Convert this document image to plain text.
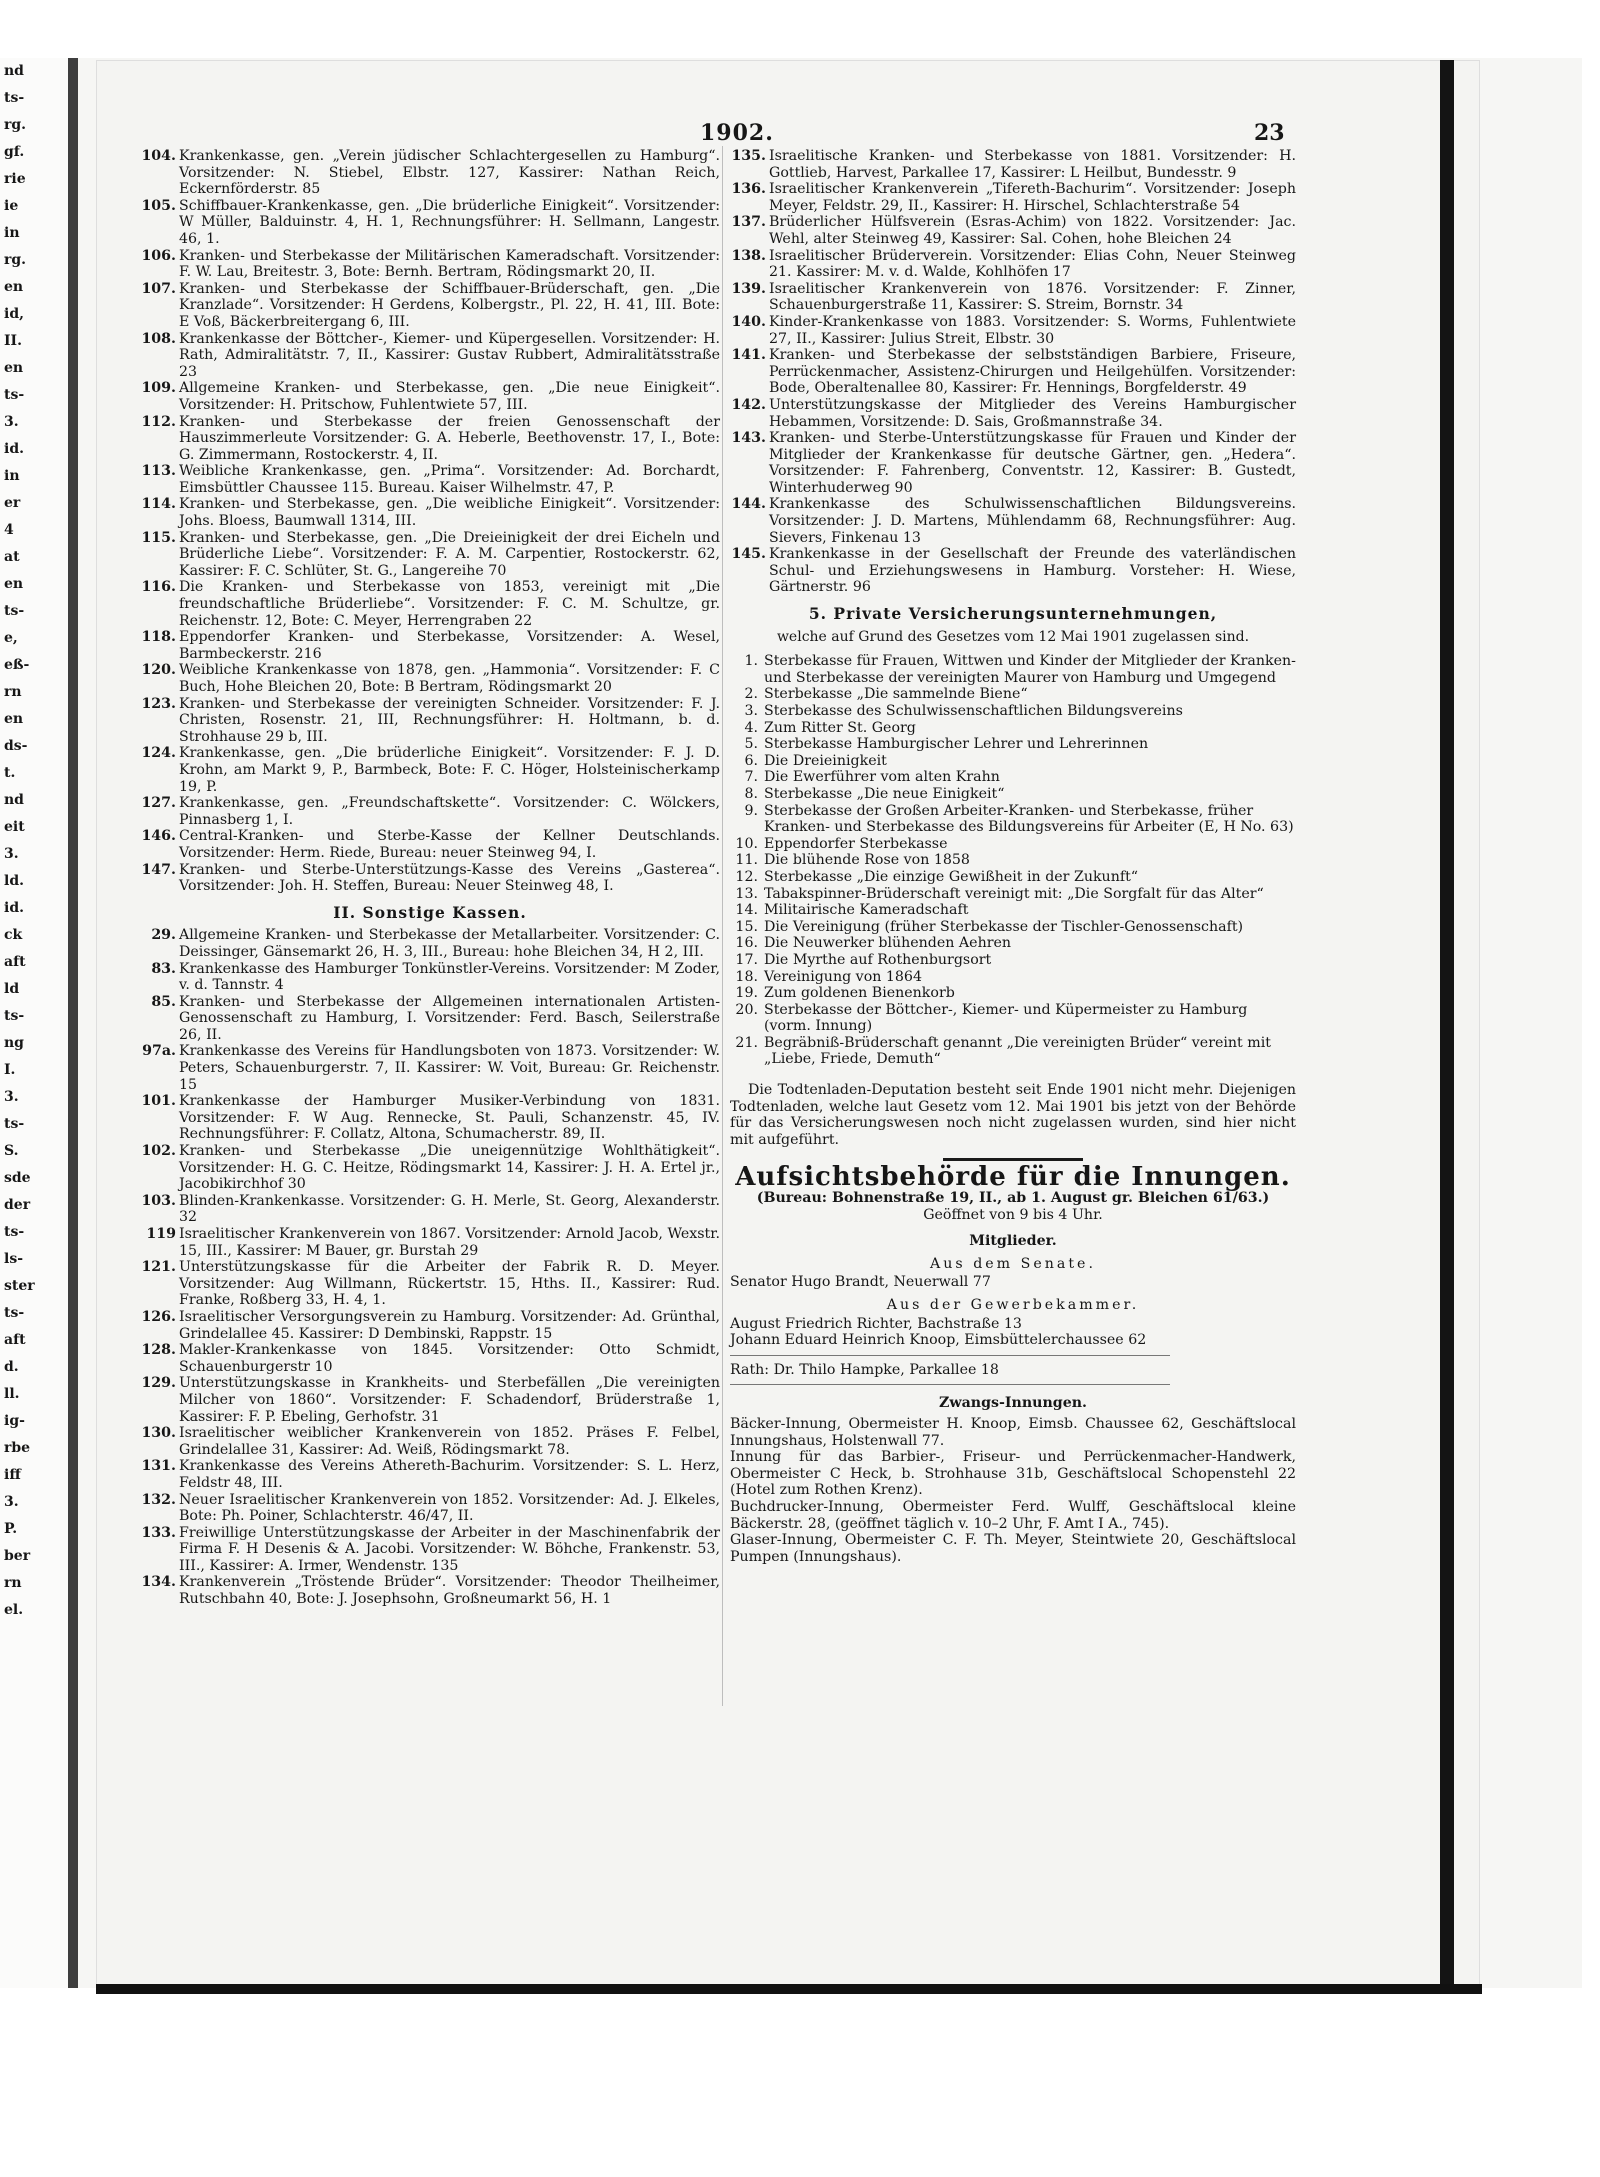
nd
ts-
rg.
gf.
rie
ie
in
rg.
en
id,
II.
en
ts-
3.
id.
in
er
4
at
en
ts-
e,
eß-
rn
en
ds-
t.
nd
eit
3.
ld.
id.
ck
aft
ld
ts-
ng
I.
3.
ts-
S.
sde
der
ts-
ls-
ster
ts-
aft
d.
ll.
ig-
rbe
iff
3.
P.
ber
rn
el.
1902.	23
104. Krankenkasse, gen. „Verein jüdischer Schlachtergesellen zu Hamburg“. Vorsitzender: N. Stiebel, Elbstr. 127, Kassirer: Nathan Reich, Eckernförderstr. 85
105. Schiffbauer-Krankenkasse, gen. „Die brüderliche Einigkeit“. Vorsitzender: W Müller, Balduinstr. 4, H. 1, Rechnungsführer: H. Sellmann, Langestr. 46, 1.
106. Kranken- und Sterbekasse der Militärischen Kameradschaft. Vorsitzender: F. W. Lau, Breitestr. 3, Bote: Bernh. Bertram, Rödingsmarkt 20, II.
107. Kranken- und Sterbekasse der Schiffbauer-Brüderschaft, gen. „Die Kranzlade“. Vorsitzender: H Gerdens, Kolbergstr., Pl. 22, H. 41, III. Bote: E Voß, Bäckerbreitergang 6, III.
108. Krankenkasse der Böttcher-, Kiemer- und Küpergesellen. Vorsitzender: H. Rath, Admiralitätstr. 7, II., Kassirer: Gustav Rubbert, Admiralitätsstraße 23
109. Allgemeine Kranken- und Sterbekasse, gen. „Die neue Einigkeit“. Vorsitzender: H. Pritschow, Fuhlentwiete 57, III.
112. Kranken- und Sterbekasse der freien Genossenschaft der Hauszimmerleute Vorsitzender: G. A. Heberle, Beethovenstr. 17, I., Bote: G. Zimmermann, Rostockerstr. 4, II.
113. Weibliche Krankenkasse, gen. „Prima“. Vorsitzender: Ad. Borchardt, Eimsbüttler Chaussee 115. Bureau. Kaiser Wilhelmstr. 47, P.
114. Kranken- und Sterbekasse, gen. „Die weibliche Einigkeit“. Vorsitzender: Johs. Bloess, Baumwall 1314, III.
115. Kranken- und Sterbekasse, gen. „Die Dreieinigkeit der drei Eicheln und Brüderliche Liebe“. Vorsitzender: F. A. M. Carpentier, Rostockerstr. 62, Kassirer: F. C. Schlüter, St. G., Langereihe 70
116. Die Kranken- und Sterbekasse von 1853, vereinigt mit „Die freundschaftliche Brüderliebe“. Vorsitzender: F. C. M. Schultze, gr. Reichenstr. 12, Bote: C. Meyer, Herrengraben 22
118. Eppendorfer Kranken- und Sterbekasse, Vorsitzender: A. Wesel, Barmbeckerstr. 216
120. Weibliche Krankenkasse von 1878, gen. „Hammonia“. Vorsitzender: F. C Buch, Hohe Bleichen 20, Bote: B Bertram, Rödingsmarkt 20
123. Kranken- und Sterbekasse der vereinigten Schneider. Vorsitzender: F. J. Christen, Rosenstr. 21, III, Rechnungsführer: H. Holtmann, b. d. Strohhause 29 b, III.
124. Krankenkasse, gen. „Die brüderliche Einigkeit“. Vorsitzender: F. J. D. Krohn, am Markt 9, P., Barmbeck, Bote: F. C. Höger, Holsteinischerkamp 19, P.
127. Krankenkasse, gen. „Freundschaftskette“. Vorsitzender: C. Wölckers, Pinnasberg 1, I.
146. Central-Kranken- und Sterbe-Kasse der Kellner Deutschlands. Vorsitzender: Herm. Riede, Bureau: neuer Steinweg 94, I.
147. Kranken- und Sterbe-Unterstützungs-Kasse des Vereins „Gasterea“. Vorsitzender: Joh. H. Steffen, Bureau: Neuer Steinweg 48, I.
II. Sonstige Kassen.
29. Allgemeine Kranken- und Sterbekasse der Metallarbeiter. Vorsitzender: C. Deissinger, Gänsemarkt 26, H. 3, III., Bureau: hohe Bleichen 34, H 2, III.
83. Krankenkasse des Hamburger Tonkünstler-Vereins. Vorsitzender: M Zoder, v. d. Tannstr. 4
85. Kranken- und Sterbekasse der Allgemeinen internationalen Artisten-Genossenschaft zu Hamburg, I. Vorsitzender: Ferd. Basch, Seilerstraße 26, II.
97a. Krankenkasse des Vereins für Handlungsboten von 1873. Vorsitzender: W. Peters, Schauenburgerstr. 7, II. Kassirer: W. Voit, Bureau: Gr. Reichenstr. 15
101. Krankenkasse der Hamburger Musiker-Verbindung von 1831. Vorsitzender: F. W Aug. Rennecke, St. Pauli, Schanzenstr. 45, IV. Rechnungsführer: F. Collatz, Altona, Schumacherstr. 89, II.
102. Kranken- und Sterbekasse „Die uneigennützige Wohlthätigkeit“. Vorsitzender: H. G. C. Heitze, Rödingsmarkt 14, Kassirer: J. H. A. Ertel jr., Jacobikirchhof 30
103. Blinden-Krankenkasse. Vorsitzender: G. H. Merle, St. Georg, Alexanderstr. 32
119 Israelitischer Krankenverein von 1867. Vorsitzender: Arnold Jacob, Wexstr. 15, III., Kassirer: M Bauer, gr. Burstah 29
121. Unterstützungskasse für die Arbeiter der Fabrik R. D. Meyer. Vorsitzender: Aug Willmann, Rückertstr. 15, Hths. II., Kassirer: Rud. Franke, Roßberg 33, H. 4, 1.
126. Israelitischer Versorgungsverein zu Hamburg. Vorsitzender: Ad. Grünthal, Grindelallee 45. Kassirer: D Dembinski, Rappstr. 15
128. Makler-Krankenkasse von 1845. Vorsitzender: Otto Schmidt, Schauenburgerstr 10
129. Unterstützungskasse in Krankheits- und Sterbefällen „Die vereinigten Milcher von 1860“. Vorsitzender: F. Schadendorf, Brüderstraße 1, Kassirer: F. P. Ebeling, Gerhofstr. 31
130. Israelitischer weiblicher Krankenverein von 1852. Präses F. Felbel, Grindelallee 31, Kassirer: Ad. Weiß, Rödingsmarkt 78.
131. Krankenkasse des Vereins Athereth-Bachurim. Vorsitzender: S. L. Herz, Feldstr 48, III.
132. Neuer Israelitischer Krankenverein von 1852. Vorsitzender: Ad. J. Elkeles, Bote: Ph. Poiner, Schlachterstr. 46/47, II.
133. Freiwillige Unterstützungskasse der Arbeiter in der Maschinenfabrik der Firma F. H Desenis & A. Jacobi. Vorsitzender: W. Böhche, Frankenstr. 53, III., Kassirer: A. Irmer, Wendenstr. 135
134. Krankenverein „Tröstende Brüder“. Vorsitzender: Theodor Theilheimer, Rutschbahn 40, Bote: J. Josephsohn, Großneumarkt 56, H. 1
135. Israelitische Kranken- und Sterbekasse von 1881. Vorsitzender: H. Gottlieb, Harvest, Parkallee 17, Kassirer: L Heilbut, Bundesstr. 9
136. Israelitischer Krankenverein „Tifereth-Bachurim“. Vorsitzender: Joseph Meyer, Feldstr. 29, II., Kassirer: H. Hirschel, Schlachterstraße 54
137. Brüderlicher Hülfsverein (Esras-Achim) von 1822. Vorsitzender: Jac. Wehl, alter Steinweg 49, Kassirer: Sal. Cohen, hohe Bleichen 24
138. Israelitischer Brüderverein. Vorsitzender: Elias Cohn, Neuer Steinweg 21. Kassirer: M. v. d. Walde, Kohlhöfen 17
139. Israelitischer Krankenverein von 1876. Vorsitzender: F. Zinner, Schauenburgerstraße 11, Kassirer: S. Streim, Bornstr. 34
140. Kinder-Krankenkasse von 1883. Vorsitzender: S. Worms, Fuhlentwiete 27, II., Kassirer: Julius Streit, Elbstr. 30
141. Kranken- und Sterbekasse der selbstständigen Barbiere, Friseure, Perrückenmacher, Assistenz-Chirurgen und Heilgehülfen. Vorsitzender: Bode, Oberaltenallee 80, Kassirer: Fr. Hennings, Borgfelderstr. 49
142. Unterstützungskasse der Mitglieder des Vereins Hamburgischer Hebammen, Vorsitzende: D. Sais, Großmannstraße 34.
143. Kranken- und Sterbe-Unterstützungskasse für Frauen und Kinder der Mitglieder der Krankenkasse für deutsche Gärtner, gen. „Hedera“. Vorsitzender: F. Fahrenberg, Conventstr. 12, Kassirer: B. Gustedt, Winterhuderweg 90
144. Krankenkasse des Schulwissenschaftlichen Bildungsvereins. Vorsitzender: J. D. Martens, Mühlendamm 68, Rechnungsführer: Aug. Sievers, Finkenau 13
145. Krankenkasse in der Gesellschaft der Freunde des vaterländischen Schul- und Erziehungswesens in Hamburg. Vorsteher: H. Wiese, Gärtnerstr. 96
5. Private Versicherungsunternehmungen,
welche auf Grund des Gesetzes vom 12 Mai 1901 zugelassen sind.
1. Sterbekasse für Frauen, Wittwen und Kinder der Mitglieder der Kranken- und Sterbekasse der vereinigten Maurer von Hamburg und Umgegend
2. Sterbekasse „Die sammelnde Biene“
3. Sterbekasse des Schulwissenschaftlichen Bildungsvereins
4. Zum Ritter St. Georg
5. Sterbekasse Hamburgischer Lehrer und Lehrerinnen
6. Die Dreieinigkeit
7. Die Ewerführer vom alten Krahn
8. Sterbekasse „Die neue Einigkeit“
9. Sterbekasse der Großen Arbeiter-Kranken- und Sterbekasse, früher Kranken- und Sterbekasse des Bildungsvereins für Arbeiter (E, H No. 63)
10. Eppendorfer Sterbekasse
11. Die blühende Rose von 1858
12. Sterbekasse „Die einzige Gewißheit in der Zukunft“
13. Tabakspinner-Brüderschaft vereinigt mit: „Die Sorgfalt für das Alter“
14. Militairische Kameradschaft
15. Die Vereinigung (früher Sterbekasse der Tischler-Genossenschaft)
16. Die Neuwerker blühenden Aehren
17. Die Myrthe auf Rothenburgsort
18. Vereinigung von 1864
19. Zum goldenen Bienenkorb
20. Sterbekasse der Böttcher-, Kiemer- und Küpermeister zu Hamburg (vorm. Innung)
21. Begräbniß-Brüderschaft genannt „Die vereinigten Brüder“ vereint mit „Liebe, Friede, Demuth“
Die Todtenladen-Deputation besteht seit Ende 1901 nicht mehr. Diejenigen Todtenladen, welche laut Gesetz vom 12. Mai 1901 bis jetzt von der Behörde für das Versicherungswesen noch nicht zugelassen wurden, sind hier nicht mit aufgeführt.
Aufsichtsbehörde für die Innungen.
(Bureau: Bohnenstraße 19, II., ab 1. August gr. Bleichen 61/63.)
Geöffnet von 9 bis 4 Uhr.
Mitglieder.
Aus dem Senate.
Senator Hugo Brandt, Neuerwall 77
Aus der Gewerbekammer.
August Friedrich Richter, Bachstraße 13
Johann Eduard Heinrich Knoop, Eimsbüttelerchaussee 62
Rath: Dr. Thilo Hampke, Parkallee 18
Zwangs-Innungen.
Bäcker-Innung, Obermeister H. Knoop, Eimsb. Chaussee 62, Geschäftslocal Innungshaus, Holstenwall 77.
Innung für das Barbier-, Friseur- und Perrückenmacher-Handwerk, Obermeister C Heck, b. Strohhause 31b, Geschäftslocal Schopenstehl 22 (Hotel zum Rothen Krenz).
Buchdrucker-Innung, Obermeister Ferd. Wulff, Geschäftslocal kleine Bäckerstr. 28, (geöffnet täglich v. 10–2 Uhr, F. Amt I A., 745).
Glaser-Innung, Obermeister C. F. Th. Meyer, Steintwiete 20, Geschäftslocal Pumpen (Innungshaus).
